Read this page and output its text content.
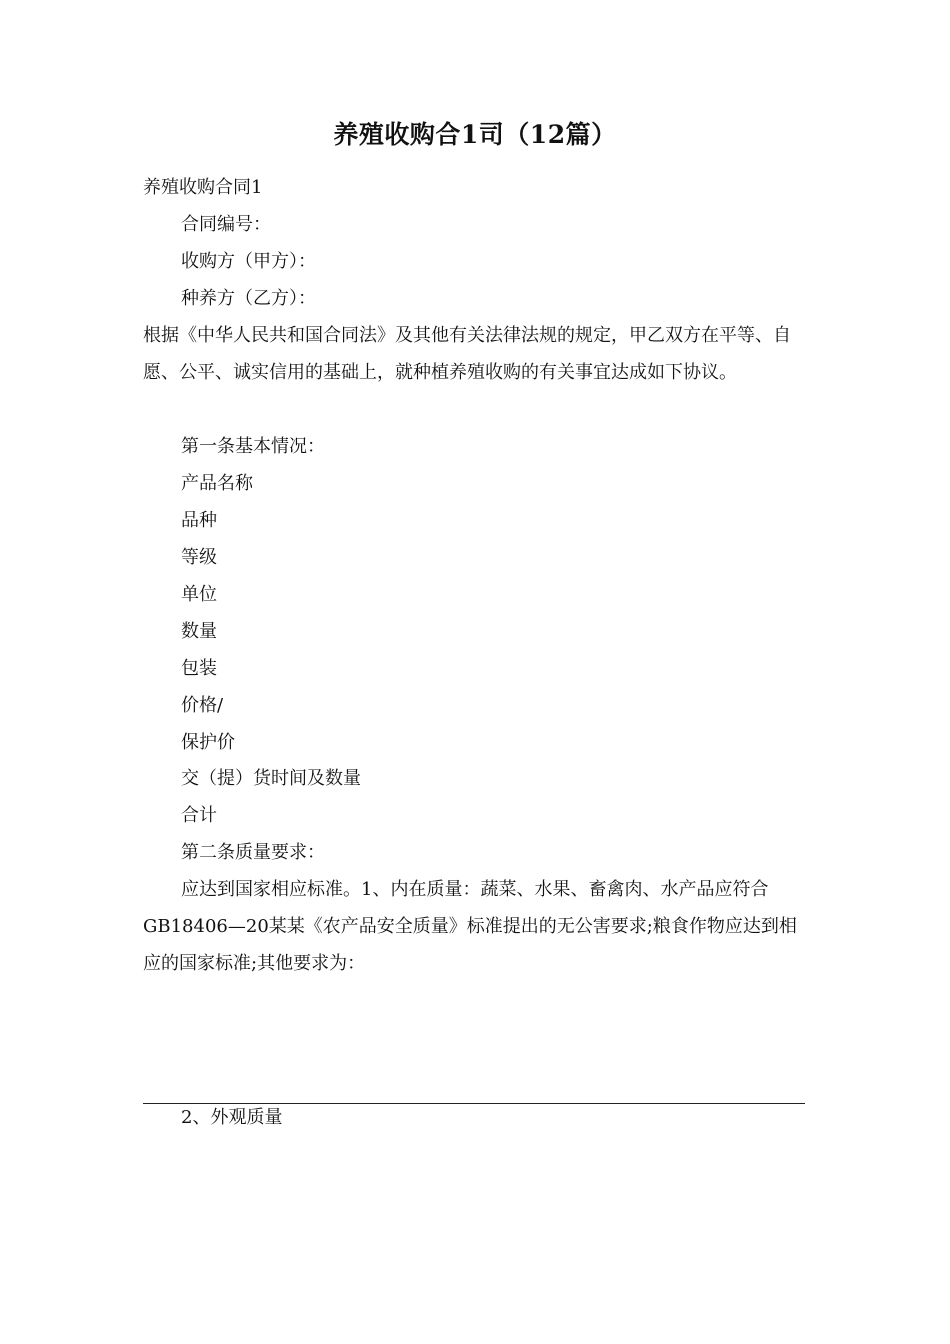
养殖收购合1司（12篇）
养殖收购合同1
合同编号：
收购方（甲方）：
种养方（乙方）：
根据《中华人民共和国合同法》及其他有关法律法规的规定，甲乙双方在平等、自愿、公平、诚实信用的基础上，就种植养殖收购的有关事宜达成如下协议。
第一条基本情况：
产品名称
品种
等级
单位
数量
包装
价格/
保护价
交（提）货时间及数量
合计
第二条质量要求：
应达到国家相应标准。1、内在质量：蔬菜、水果、畜禽肉、水产品应符合GB18406—20某某《农产品安全质量》标准提出的无公害要求;粮食作物应达到相应的国家标准;其他要求为：
2、外观质量
